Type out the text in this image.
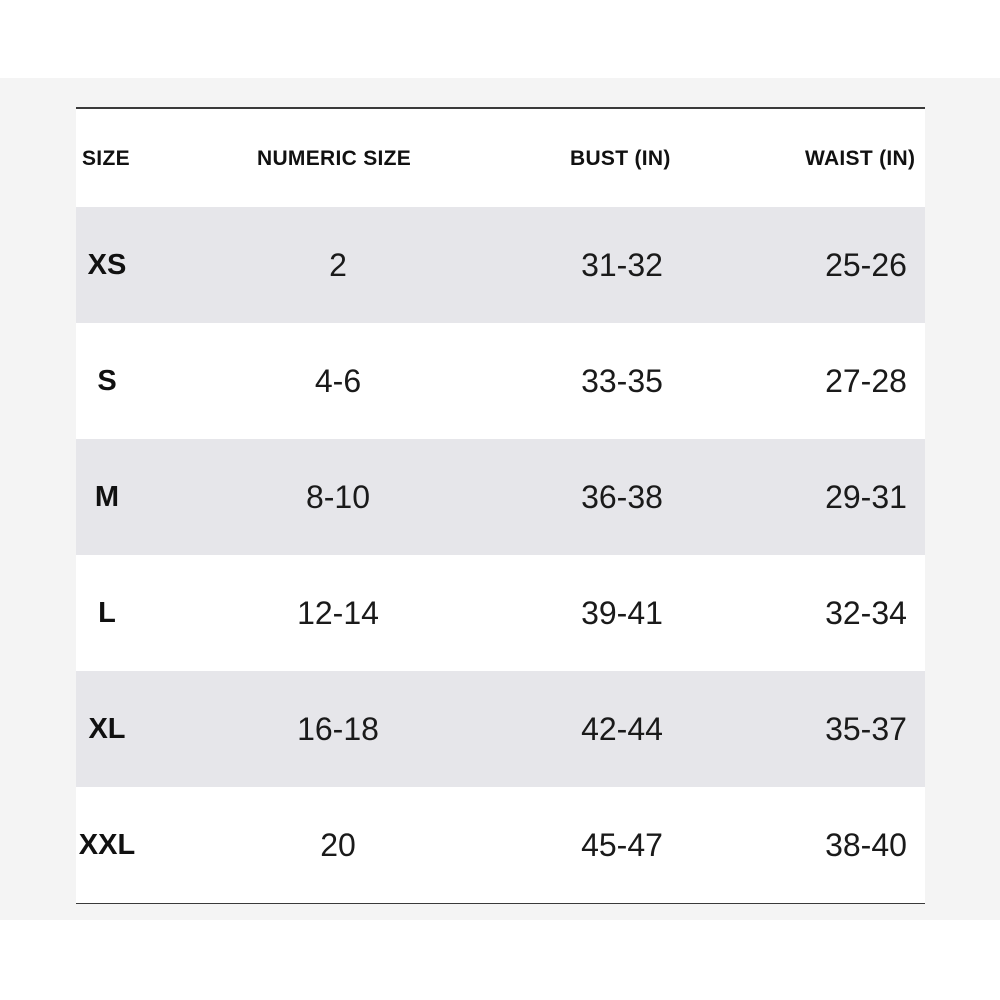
SIZE	NUMERIC SIZE	BUST (IN)	WAIST (IN)
XS	2	31-32	25-26
S	4-6	33-35	27-28
M	8-10	36-38	29-31
L	12-14	39-41	32-34
XL	16-18	42-44	35-37
XXL	20	45-47	38-40
